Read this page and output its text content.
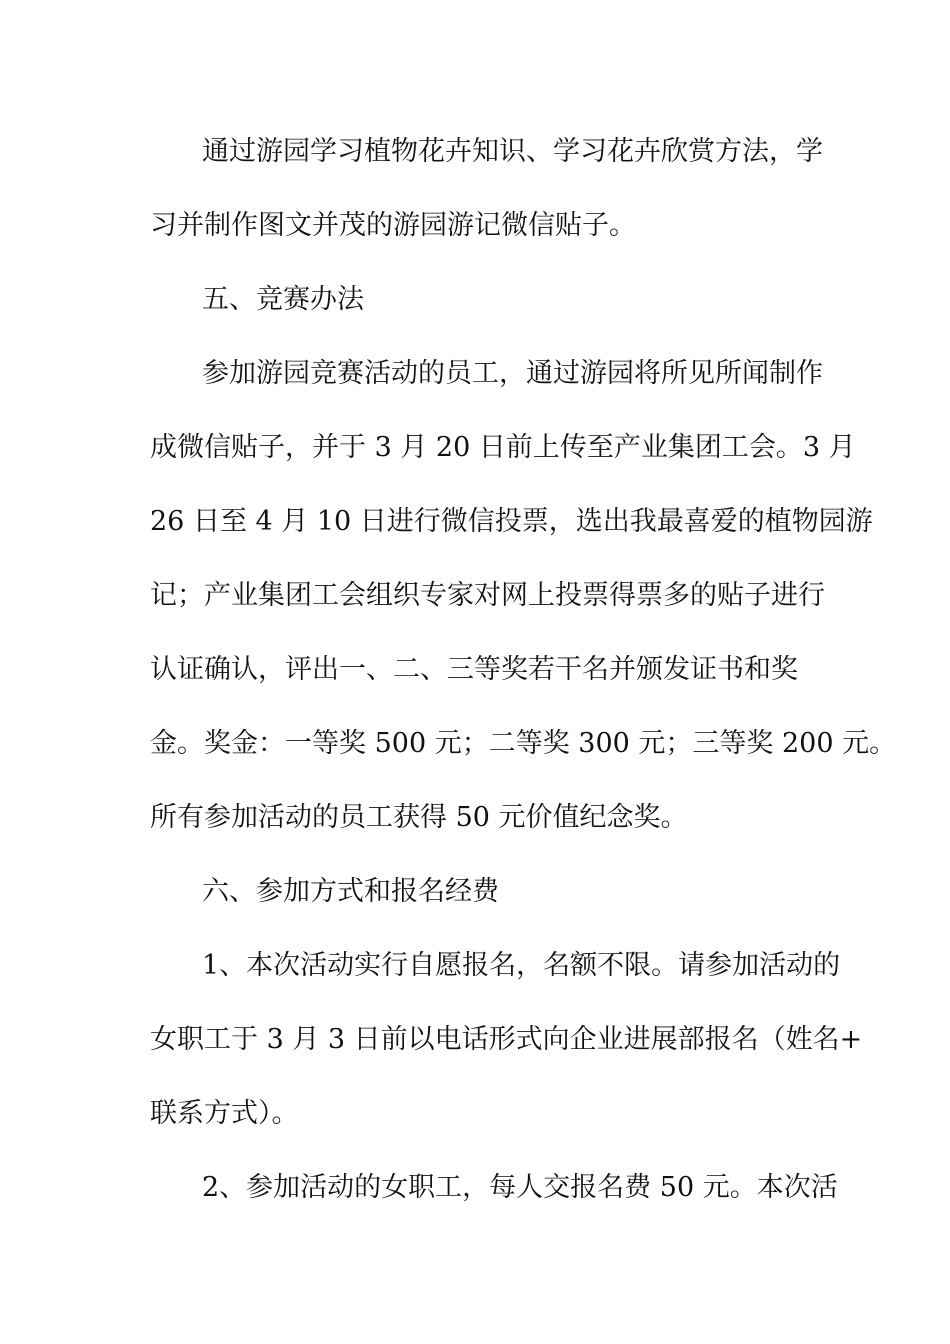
通过游园学习植物花卉知识、学习花卉欣赏方法，学
习并制作图文并茂的游园游记微信贴子。
五、竞赛办法
参加游园竞赛活动的员工，通过游园将所见所闻制作
成微信贴子，并于 3 月 20 日前上传至产业集团工会。3 月
26 日至 4 月 10 日进行微信投票，选出我最喜爱的植物园游
记；产业集团工会组织专家对网上投票得票多的贴子进行
认证确认，评出一、二、三等奖若干名并颁发证书和奖
金。奖金：一等奖 500 元；二等奖 300 元；三等奖 200 元。
所有参加活动的员工获得 50 元价值纪念奖。
六、参加方式和报名经费
1、本次活动实行自愿报名，名额不限。请参加活动的
女职工于 3 月 3 日前以电话形式向企业进展部报名（姓名+
联系方式）。
2、参加活动的女职工，每人交报名费 50 元。本次活
